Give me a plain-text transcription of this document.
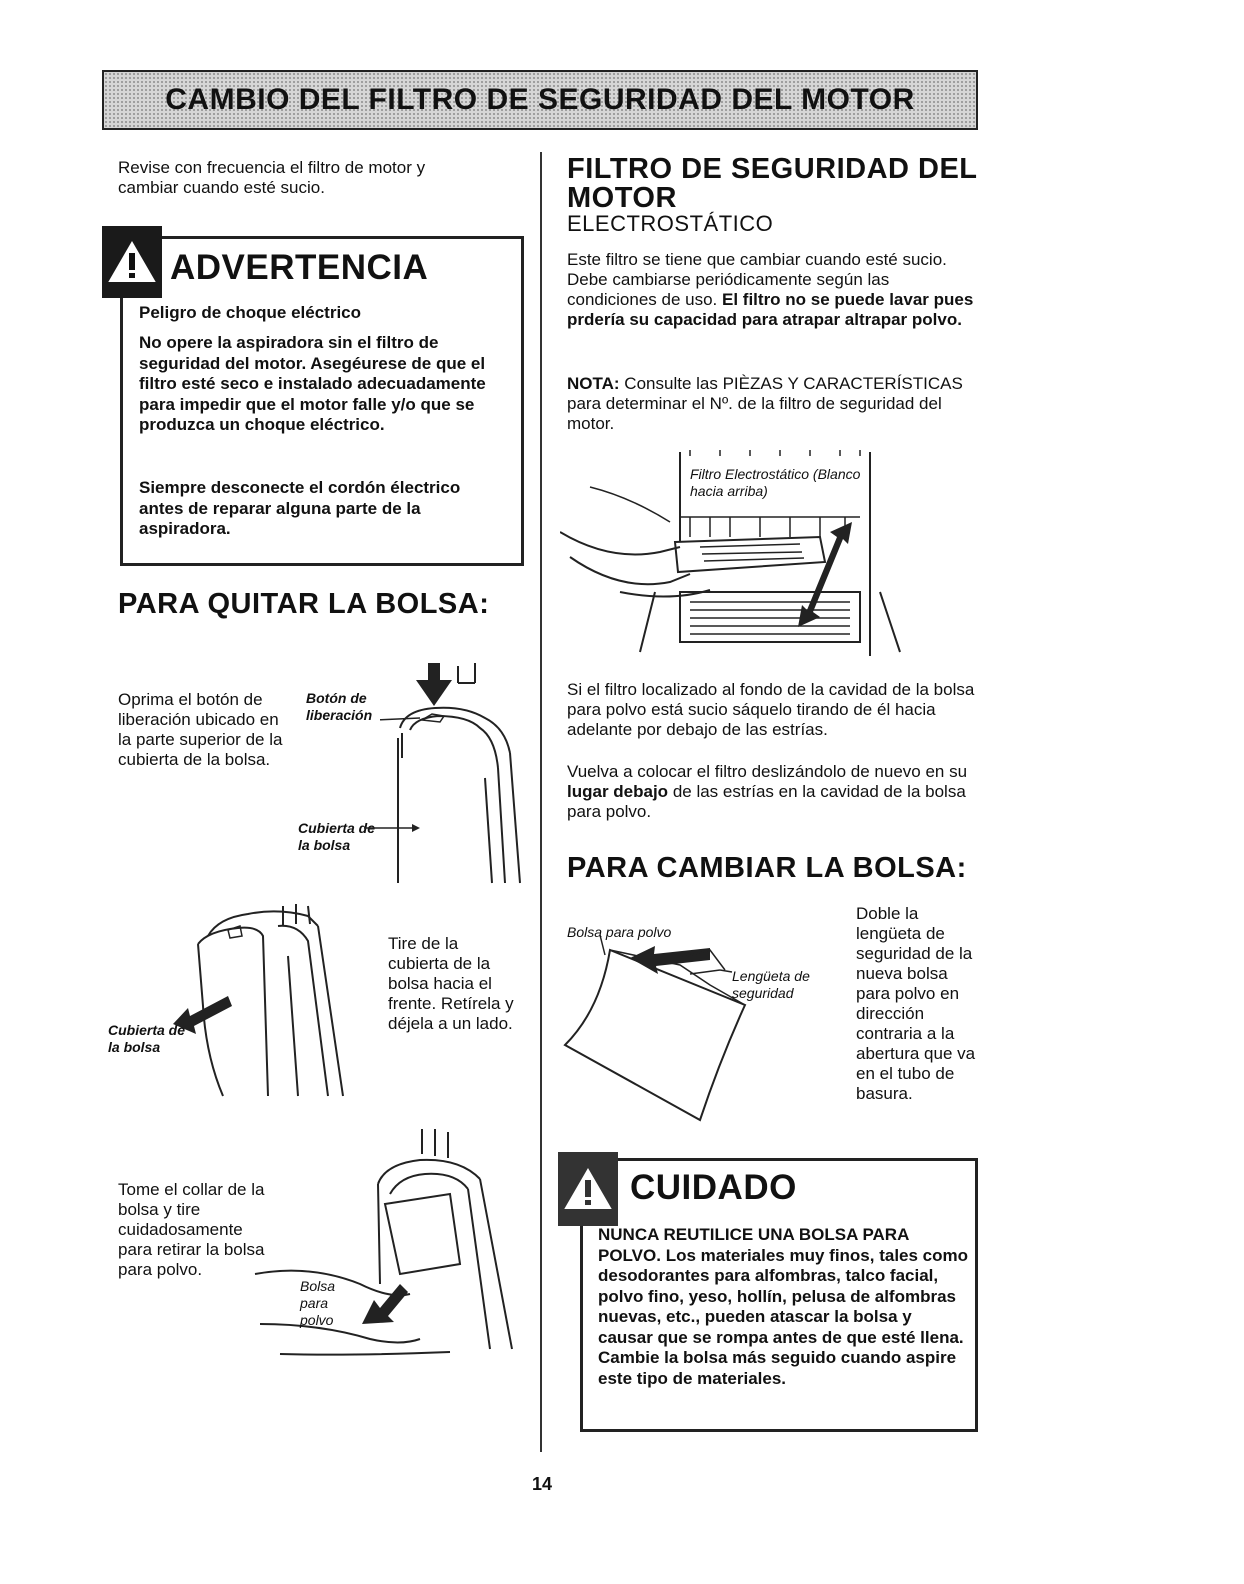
CAMBIO DEL FILTRO DE SEGURIDAD DEL MOTOR
Revise con frecuencia el filtro de motor y cambiar cuando esté sucio.
ADVERTENCIA
Peligro de choque eléctrico
No opere la aspiradora sin el filtro de seguridad del motor. Asegéurese de que el filtro esté seco e instalado adecuadamente para impedir que el motor falle y/o que se produzca un choque eléctrico.
Siempre desconecte el cordón électrico antes de reparar alguna parte de la aspiradora.
PARA QUITAR LA BOLSA:
Oprima el botón de liberación ubicado en la parte superior de la cubierta de la bolsa.
Botón de liberación
Cubierta de la bolsa
Cubierta de la bolsa
Tire de la cubierta de la bolsa hacia el frente. Retírela y déjela a un lado.
Tome el collar de la bolsa y tire cuidadosamente para retirar la bolsa para polvo.
Bolsa para polvo
FILTRO DE SEGURIDAD DEL MOTOR
ELECTROSTÁTICO
Este filtro se tiene que cambiar cuando esté sucio. Debe cambiarse periódicamente según las condiciones de uso. El filtro no se puede lavar pues prdería su capacidad para atrapar altrapar polvo.
NOTA: Consulte las PIÈZAS Y CARACTERÍSTICAS para determinar el Nº. de la filtro de seguridad del motor.
Filtro Electrostático (Blanco hacia arriba)
Si el filtro localizado al fondo de la cavidad de la bolsa para polvo está sucio sáquelo tirando de él hacia adelante por debajo de las estrías.
Vuelva a colocar el filtro deslizándolo de nuevo en su lugar debajo de las estrías en la cavidad de la bolsa para polvo.
PARA CAMBIAR LA BOLSA:
Bolsa para polvo
Lengüeta de seguridad
Doble la lengüeta de seguridad de la nueva bolsa para polvo en dirección contraria a la abertura que va en el tubo de basura.
CUIDADO
NUNCA REUTILICE UNA BOLSA PARA POLVO. Los materiales muy finos, tales como desodorantes para alfombras, talco facial, polvo fino, yeso, hollín, pelusa de alfombras nuevas, etc., pueden atascar la bolsa y causar que se rompa antes de que esté llena. Cambie la bolsa más seguido cuando aspire este tipo de materiales.
14
